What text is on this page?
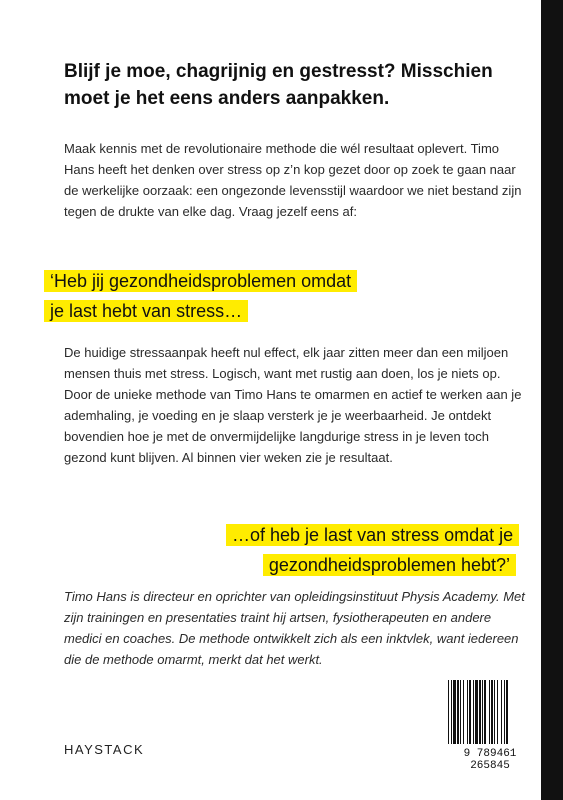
Blijf je moe, chagrijnig en gestresst? Misschien moet je het eens anders aanpakken.
Maak kennis met de revolutionaire methode die wél resultaat oplevert. Timo Hans heeft het denken over stress op z’n kop gezet door op zoek te gaan naar de werkelijke oorzaak: een ongezonde levensstijl waardoor we niet bestand zijn tegen de drukte van elke dag. Vraag jezelf eens af:
‘Heb jij gezondheidsproblemen omdat je last hebt van stress…
De huidige stressaanpak heeft nul effect, elk jaar zitten meer dan een miljoen mensen thuis met stress. Logisch, want met rustig aan doen, los je niets op. Door de unieke methode van Timo Hans te omarmen en actief te werken aan je ademhaling, je voeding en je slaap versterk je je weerbaarheid. Je ontdekt bovendien hoe je met de onvermijdelijke langdurige stress in je leven toch gezond kunt blijven. Al binnen vier weken zie je resultaat.
…of heb je last van stress omdat je gezondheidsproblemen hebt?’
Timo Hans is directeur en oprichter van opleidingsinstituut Physis Academy. Met zijn trainingen en presentaties traint hij artsen, fysiotherapeuten en andere medici en coaches. De methode ontwikkelt zich als een inktvlek, want iedereen die de methode omarmt, merkt dat het werkt.
HAYSTACK	9 789461 265845
